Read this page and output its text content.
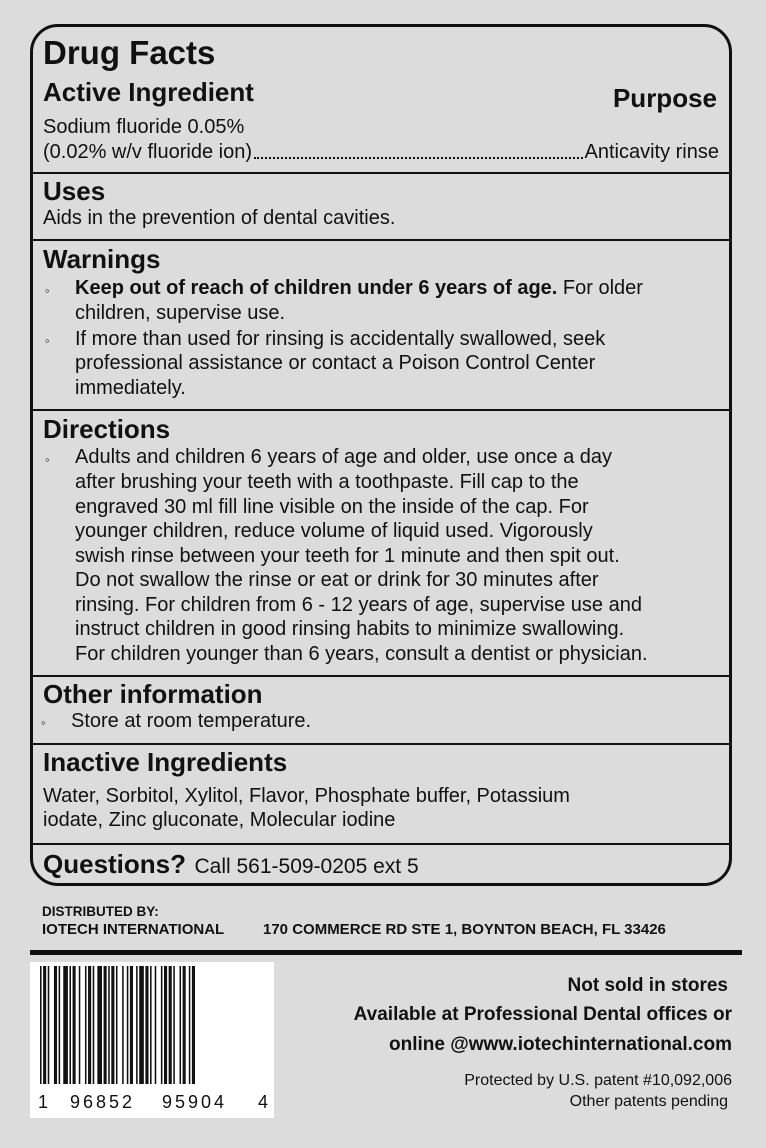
Drug Facts
Active Ingredient	Purpose
Sodium fluoride 0.05%
(0.02% w/v fluoride ion)	Anticavity rinse
Uses
Aids in the prevention of dental cavities.
Warnings
◦ Keep out of reach of children under 6 years of age. For older
children, supervise use.
◦ If more than used for rinsing is accidentally swallowed, seek
professional assistance or contact a Poison Control Center
immediately.
Directions
◦ Adults and children 6 years of age and older, use once a day
after brushing your teeth with a toothpaste. Fill cap to the
engraved 30 ml fill line visible on the inside of the cap. For
younger children, reduce volume of liquid used. Vigorously
swish rinse between your teeth for 1 minute and then spit out.
Do not swallow the rinse or eat or drink for 30 minutes after
rinsing. For children from 6 - 12 years of age, supervise use and
instruct children in good rinsing habits to minimize swallowing.
For children younger than 6 years, consult a dentist or physician.
Other information
◦ Store at room temperature.
Inactive Ingredients
Water, Sorbitol, Xylitol, Flavor, Phosphate buffer, Potassium
iodate, Zinc gluconate, Molecular iodine
Questions? Call 561-509-0205 ext 5
DISTRIBUTED BY:
IOTECH INTERNATIONAL	170 COMMERCE RD STE 1, BOYNTON BEACH, FL 33426
1 96852 95904 4
Not sold in stores
Available at Professional Dental offices or
online @www.iotechinternational.com
Protected by U.S. patent #10,092,006
Other patents pending
